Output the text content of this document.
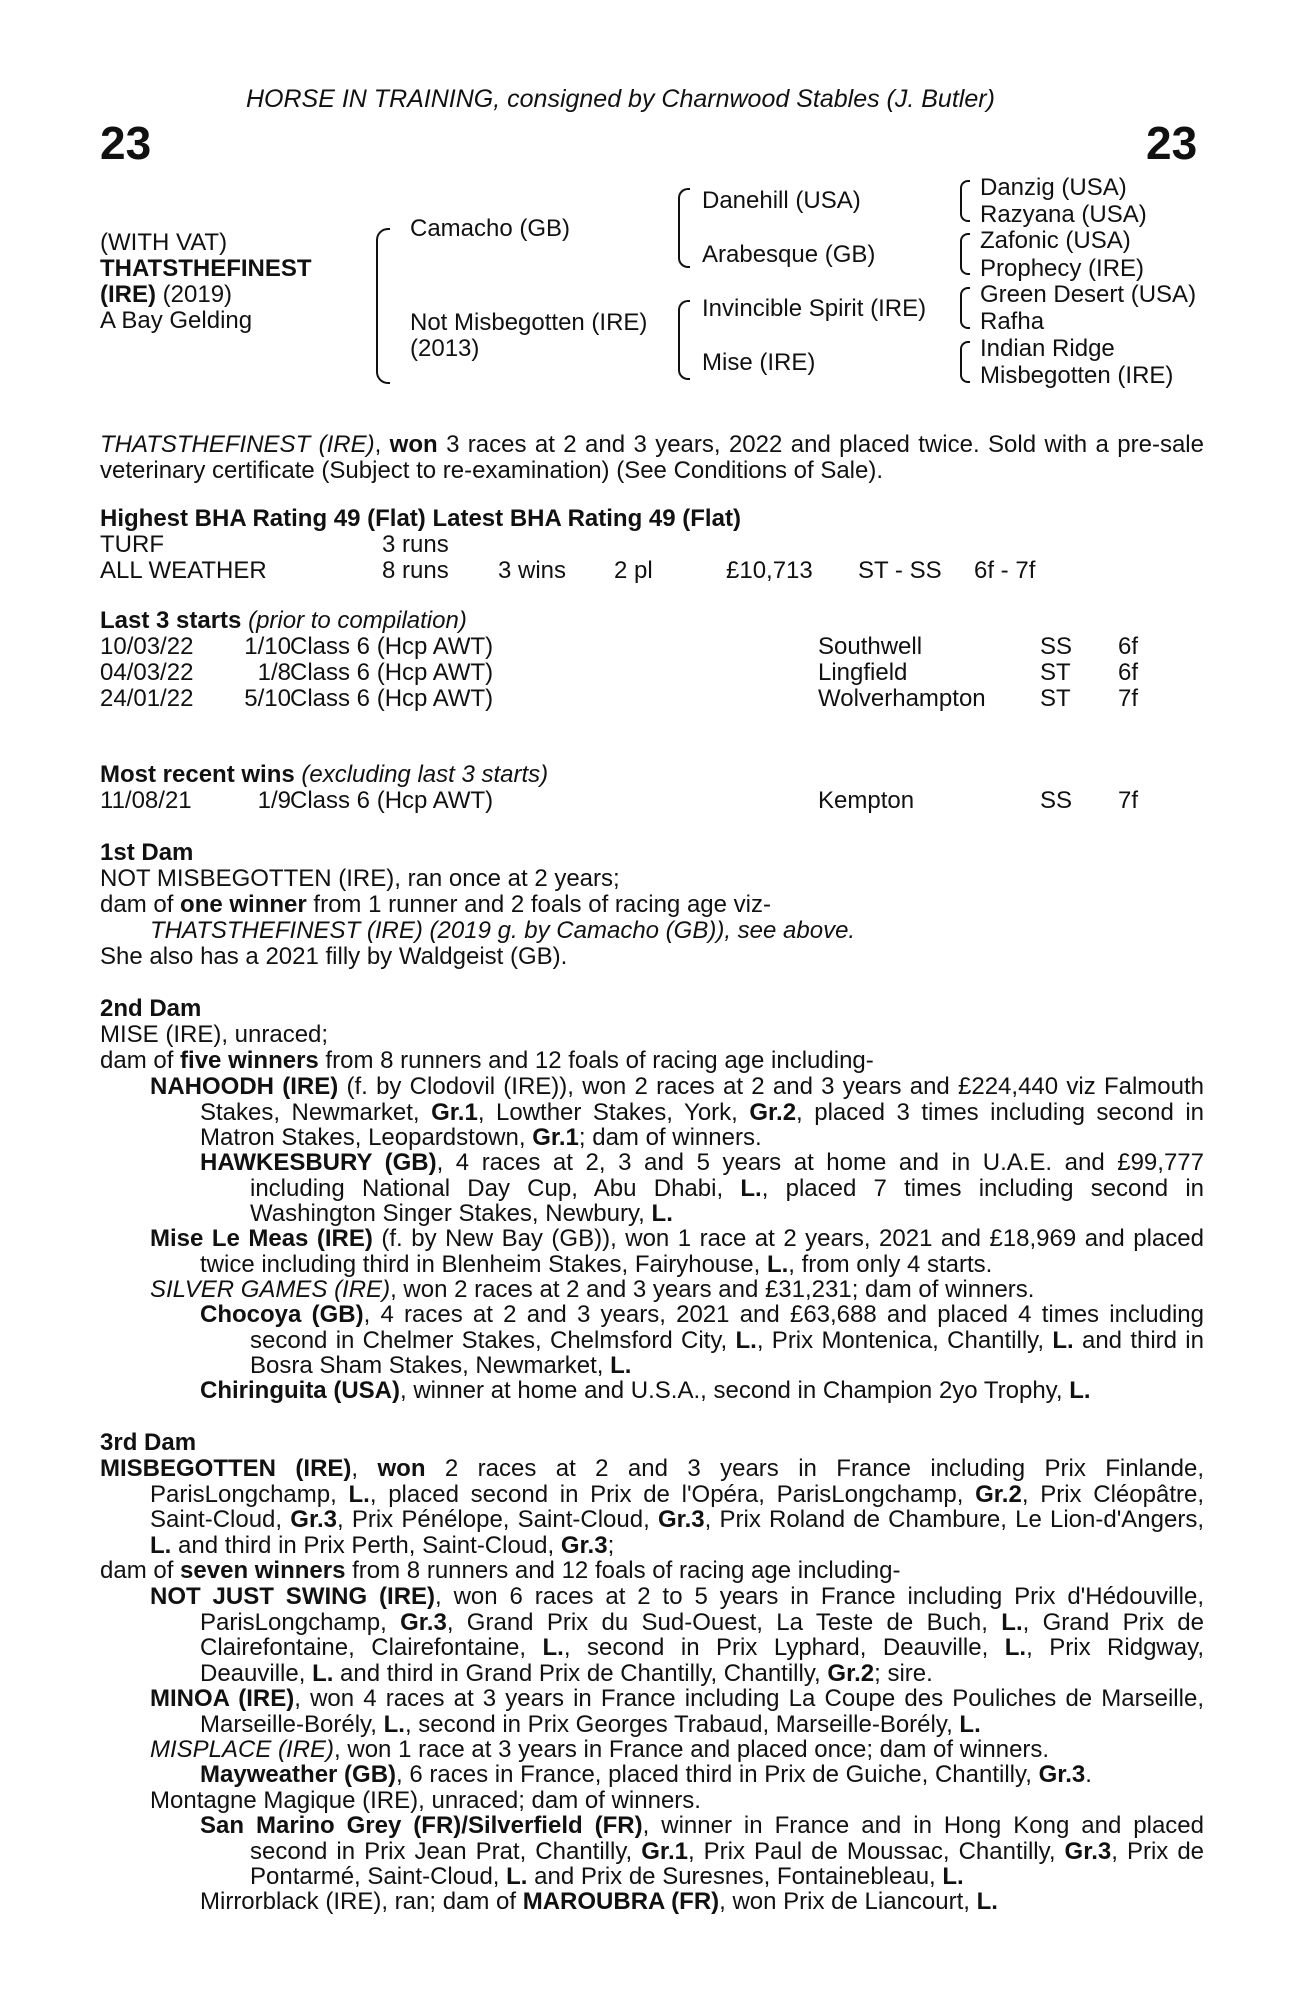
HORSE IN TRAINING, consigned by Charnwood Stables (J. Butler)
23	23
(WITH VAT)
THATSTHEFINEST
(IRE) (2019)
A Bay Gelding
Camacho (GB)
Not Misbegotten (IRE)
(2013)
Danehill (USA)
Arabesque (GB)
Invincible Spirit (IRE)
Mise (IRE)
Danzig (USA)
Razyana (USA)
Zafonic (USA)
Prophecy (IRE)
Green Desert (USA)
Rafha
Indian Ridge
Misbegotten (IRE)
THATSTHEFINEST (IRE), won 3 races at 2 and 3 years, 2022 and placed twice. Sold with a pre-sale veterinary certificate (Subject to re-examination) (See Conditions of Sale).
Highest BHA Rating 49 (Flat) Latest BHA Rating 49 (Flat)
TURF	3 runs
ALL WEATHER	8 runs 3 wins 2 pl	£10,713 ST - SS 6f - 7f
Last 3 starts (prior to compilation)
10/03/22	1/10 Class 6 (Hcp AWT)	Southwell	SS 6f
04/03/22	1/8 Class 6 (Hcp AWT)	Lingfield	ST 6f
24/01/22	5/10 Class 6 (Hcp AWT)	Wolverhampton ST 7f
Most recent wins (excluding last 3 starts)
11/08/21	1/9 Class 6 (Hcp AWT)	Kempton	SS 7f
1st Dam
NOT MISBEGOTTEN (IRE), ran once at 2 years;
dam of one winner from 1 runner and 2 foals of racing age viz-
THATSTHEFINEST (IRE) (2019 g. by Camacho (GB)), see above.
She also has a 2021 filly by Waldgeist (GB).
2nd Dam
MISE (IRE), unraced;
dam of five winners from 8 runners and 12 foals of racing age including-
NAHOODH (IRE) (f. by Clodovil (IRE)), won 2 races at 2 and 3 years and £224,440 viz Falmouth Stakes, Newmarket, Gr.1, Lowther Stakes, York, Gr.2, placed 3 times including second in Matron Stakes, Leopardstown, Gr.1; dam of winners.
HAWKESBURY (GB), 4 races at 2, 3 and 5 years at home and in U.A.E. and £99,777 including National Day Cup, Abu Dhabi, L., placed 7 times including second in Washington Singer Stakes, Newbury, L.
Mise Le Meas (IRE) (f. by New Bay (GB)), won 1 race at 2 years, 2021 and £18,969 and placed twice including third in Blenheim Stakes, Fairyhouse, L., from only 4 starts.
SILVER GAMES (IRE), won 2 races at 2 and 3 years and £31,231; dam of winners.
Chocoya (GB), 4 races at 2 and 3 years, 2021 and £63,688 and placed 4 times including second in Chelmer Stakes, Chelmsford City, L., Prix Montenica, Chantilly, L. and third in Bosra Sham Stakes, Newmarket, L.
Chiringuita (USA), winner at home and U.S.A., second in Champion 2yo Trophy, L.
3rd Dam
MISBEGOTTEN (IRE), won 2 races at 2 and 3 years in France including Prix Finlande, ParisLongchamp, L., placed second in Prix de l'Opéra, ParisLongchamp, Gr.2, Prix Cléopâtre, Saint-Cloud, Gr.3, Prix Pénélope, Saint-Cloud, Gr.3, Prix Roland de Chambure, Le Lion-d'Angers, L. and third in Prix Perth, Saint-Cloud, Gr.3;
dam of seven winners from 8 runners and 12 foals of racing age including-
NOT JUST SWING (IRE), won 6 races at 2 to 5 years in France including Prix d'Hédouville, ParisLongchamp, Gr.3, Grand Prix du Sud-Ouest, La Teste de Buch, L., Grand Prix de Clairefontaine, Clairefontaine, L., second in Prix Lyphard, Deauville, L., Prix Ridgway, Deauville, L. and third in Grand Prix de Chantilly, Chantilly, Gr.2; sire.
MINOA (IRE), won 4 races at 3 years in France including La Coupe des Pouliches de Marseille, Marseille-Borély, L., second in Prix Georges Trabaud, Marseille-Borély, L.
MISPLACE (IRE), won 1 race at 3 years in France and placed once; dam of winners.
Mayweather (GB), 6 races in France, placed third in Prix de Guiche, Chantilly, Gr.3.
Montagne Magique (IRE), unraced; dam of winners.
San Marino Grey (FR)/Silverfield (FR), winner in France and in Hong Kong and placed second in Prix Jean Prat, Chantilly, Gr.1, Prix Paul de Moussac, Chantilly, Gr.3, Prix de Pontarmé, Saint-Cloud, L. and Prix de Suresnes, Fontainebleau, L.
Mirrorblack (IRE), ran; dam of MAROUBRA (FR), won Prix de Liancourt, L.
